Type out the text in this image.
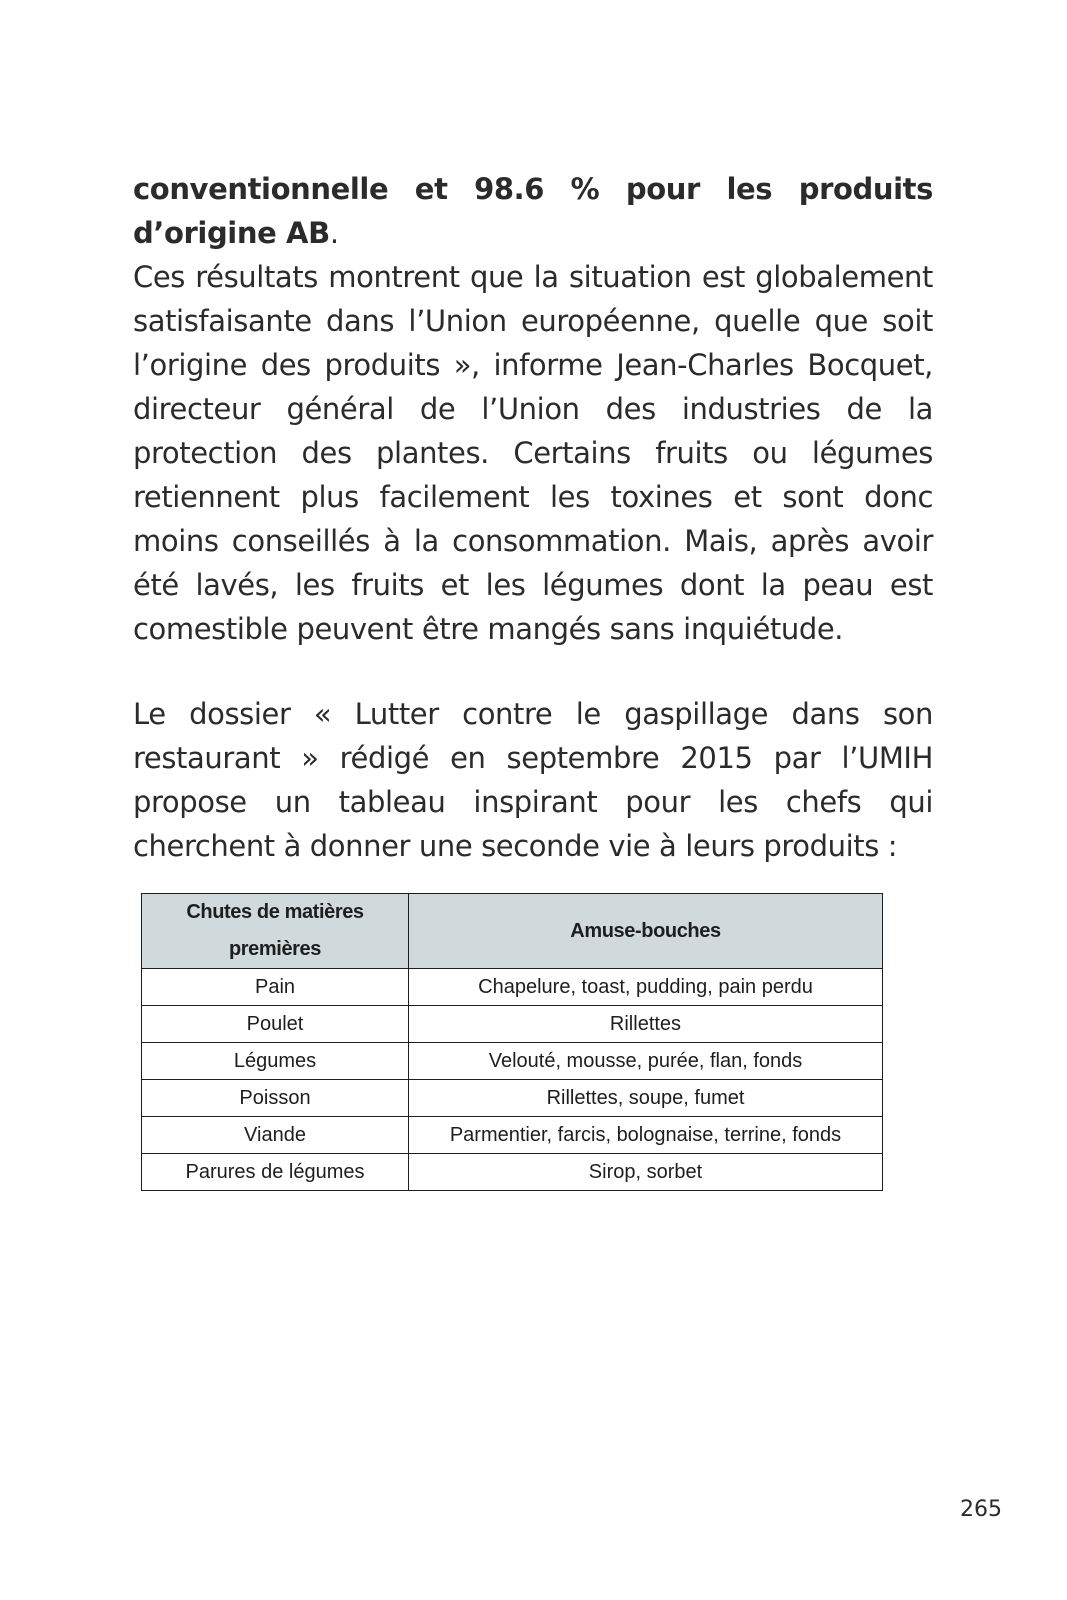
conventionnelle et 98.6 % pour les produits d’origine AB.
Ces résultats montrent que la situation est globalement satisfaisante dans l’Union européenne, quelle que soit l’origine des produits », informe Jean-Charles Bocquet, directeur général de l’Union des industries de la protection des plantes. Certains fruits ou légumes retiennent plus facilement les toxines et sont donc moins conseillés à la consommation. Mais, après avoir été lavés, les fruits et les légumes dont la peau est comestible peuvent être mangés sans inquiétude.

Le dossier « Lutter contre le gaspillage dans son restaurant » rédigé en septembre 2015 par l’UMIH propose un tableau inspirant pour les chefs qui cherchent à donner une seconde vie à leurs produits :

Chutes de matières premières	Amuse-bouches
Pain	Chapelure, toast, pudding, pain perdu
Poulet	Rillettes
Légumes	Velouté, mousse, purée, flan, fonds
Poisson	Rillettes, soupe, fumet
Viande	Parmentier, farcis, bolognaise, terrine, fonds
Parures de légumes	Sirop, sorbet
265
